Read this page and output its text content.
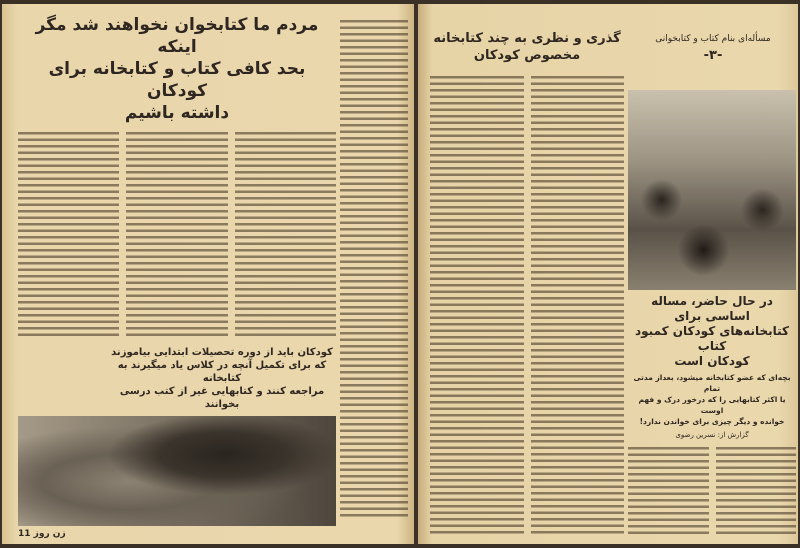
مردم ما کتابخوان نخواهند شد مگر اینکه
بحد کافی کتاب و کتابخانه برای کودکان
داشته باشیم
کودکان باید از دوره تحصیلات ابتدایی بیاموزند
که برای تکمیل آنچه در کلاس یاد میگیرند به کتابخانه
مراجعه کنند و کتابهایی غیر از کتب درسی بخوانند
زن روز 11
مسأله‌ای بنام کتاب و کتابخوانی
-۳-
گذری و نظری به چند کتابخانه
مخصوص کودکان
در حال حاضر، مساله اساسی برای
کتابخانه‌های کودکان کمبود کتاب
کودکان است
بچه‌ای که عضو کتابخانه میشود، بعداز مدتی تمام
یا اکثر کتابهایی را که درخور درک و فهم اوست
خوانده و دیگر چیزی برای خواندن ندارد!
گزارش از: نسرین رضوی
